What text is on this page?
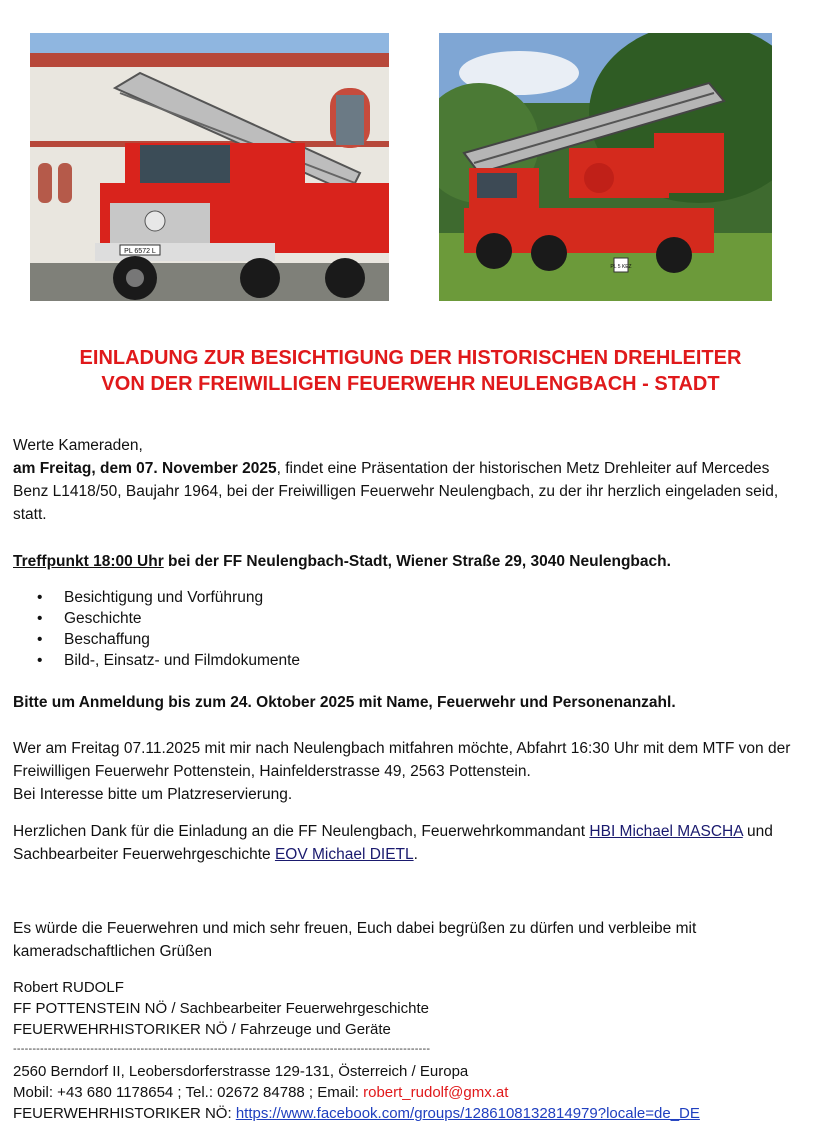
PL 6572 L
PL 5 KEZ
EINLADUNG ZUR BESICHTIGUNG DER HISTORISCHEN DREHLEITER
VON DER FREIWILLIGEN FEUERWEHR NEULENGBACH - STADT
Werte Kameraden,
am Freitag, dem 07. November 2025, findet eine Präsentation der historischen Metz Drehleiter auf Mercedes Benz L1418/50, Baujahr 1964, bei der Freiwilligen Feuerwehr Neulengbach, zu der ihr herzlich eingeladen seid, statt.
Treffpunkt 18:00 Uhr bei der FF Neulengbach-Stadt, Wiener Straße 29, 3040 Neulengbach.
• Besichtigung und Vorführung
• Geschichte
• Beschaffung
• Bild-, Einsatz- und Filmdokumente
Bitte um Anmeldung bis zum 24. Oktober 2025 mit Name, Feuerwehr und Personenanzahl.
Wer am Freitag 07.11.2025 mit mir nach Neulengbach mitfahren möchte, Abfahrt 16:30 Uhr mit dem MTF von der Freiwilligen Feuerwehr Pottenstein, Hainfelderstrasse 49, 2563 Pottenstein.
Bei Interesse bitte um Platzreservierung.
Herzlichen Dank für die Einladung an die FF Neulengbach, Feuerwehrkommandant HBI Michael MASCHA und Sachbearbeiter Feuerwehrgeschichte EOV Michael DIETL.
Es würde die Feuerwehren und mich sehr freuen, Euch dabei begrüßen zu dürfen und verbleibe mit kameradschaftlichen Grüßen
Robert RUDOLF
FF POTTENSTEIN NÖ / Sachbearbeiter Feuerwehrgeschichte
FEUERWEHRHISTORIKER NÖ / Fahrzeuge und Geräte
------------------------------------------------------------------------------------------------------------
2560 Berndorf II, Leobersdorferstrasse 129-131, Österreich / Europa
Mobil: +43 680 1178654 ; Tel.: 02672 84788 ; Email: robert_rudolf@gmx.at
FEUERWEHRHISTORIKER NÖ: https://www.facebook.com/groups/1286108132814979?locale=de_DE
